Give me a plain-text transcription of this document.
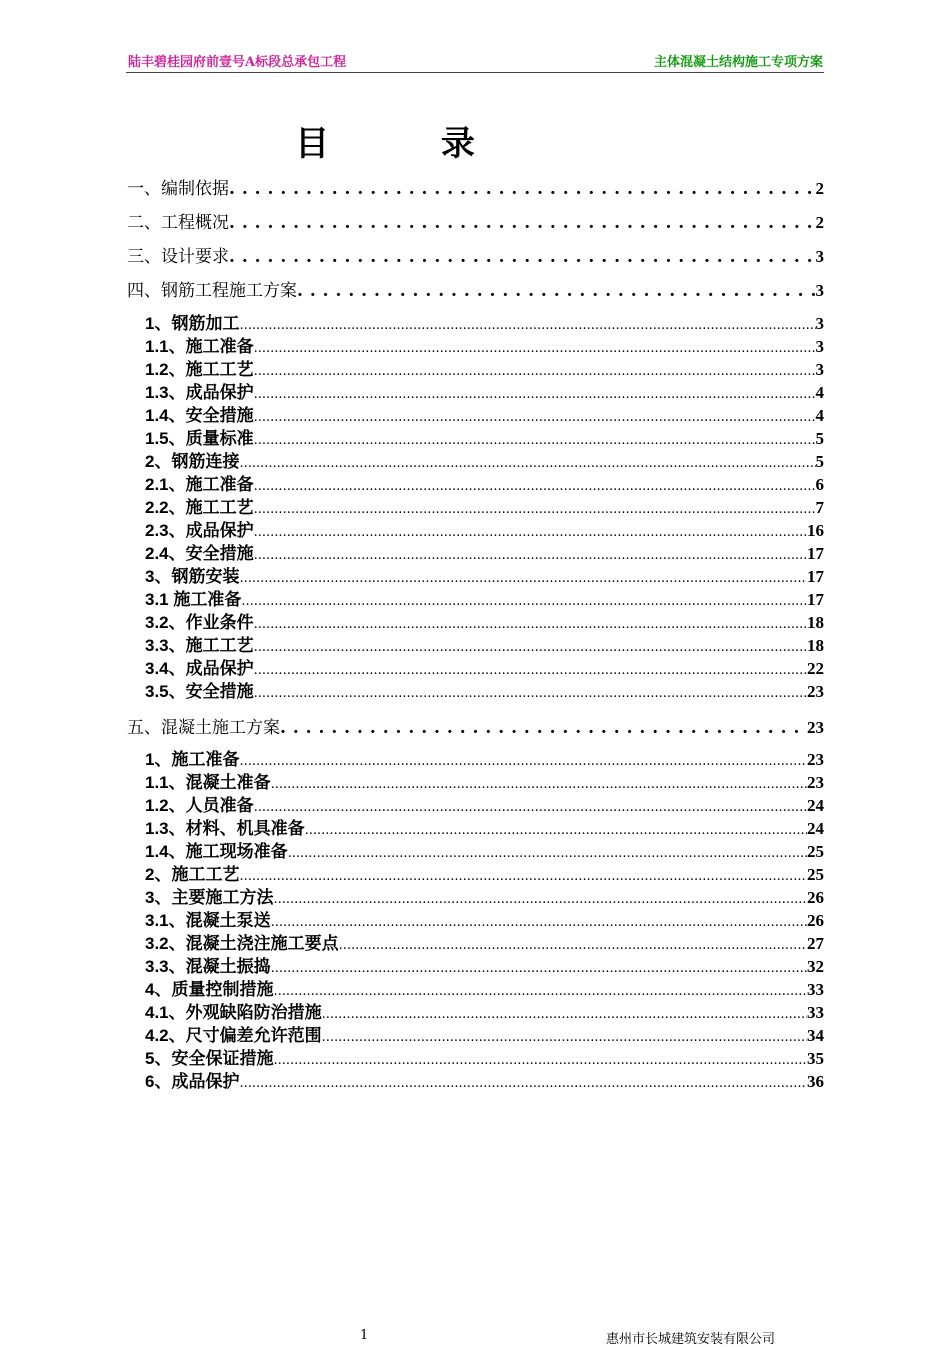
陆丰碧桂园府前壹号A标段总承包工程	主体混凝土结构施工专项方案
目 录
一、编制依据 . . .	2
二、工程概况 . . .	2
三、设计要求 . . .	3
四、钢筋工程施工方案 . . .	3
1、钢筋加工 .....	3
1.1、施工准备 .....	3
1.2、施工工艺 .....	3
1.3、成品保护 .....	4
1.4、安全措施 .....	4
1.5、质量标准 .....	5
2、钢筋连接 .....	5
2.1、施工准备 .....	6
2.2、施工工艺 .....	7
2.3、成品保护 .....	16
2.4、安全措施 .....	17
3、钢筋安装 .....	17
3.1 施工准备 .....	17
3.2、作业条件 .....	18
3.3、施工工艺 .....	18
3.4、成品保护 .....	22
3.5、安全措施 .....	23
五、混凝土施工方案 . . .	23
1、施工准备 .....	23
1.1、混凝土准备 .....	23
1.2、人员准备 .....	24
1.3、材料、机具准备 .....	24
1.4、施工现场准备 .....	25
2、施工工艺 .....	25
3、主要施工方法 .....	26
3.1、混凝土泵送 .....	26
3.2、混凝土浇注施工要点 .....	27
3.3、混凝土振捣 .....	32
4、质量控制措施 .....	33
4.1、外观缺陷防治措施 .....	33
4.2、尺寸偏差允许范围 .....	34
5、安全保证措施 .....	35
6、成品保护 .....	36
1	惠州市长城建筑安装有限公司
